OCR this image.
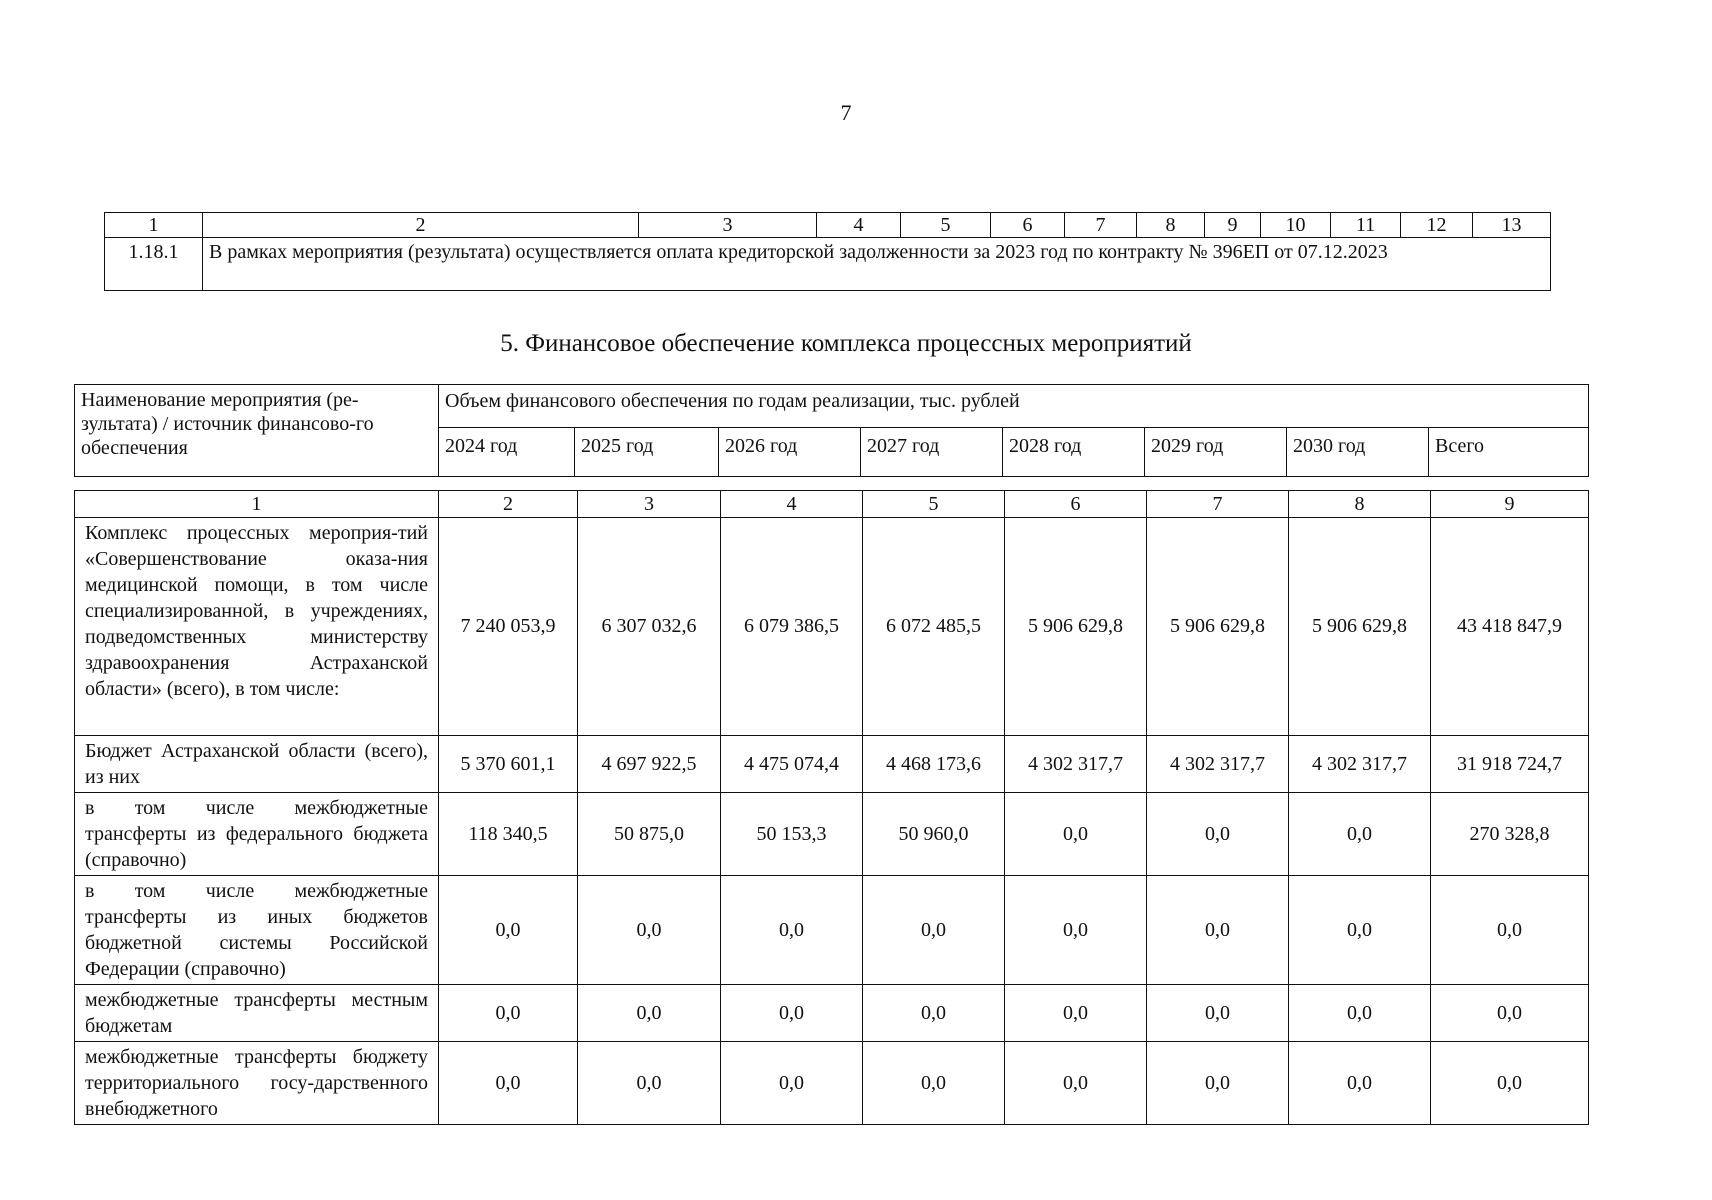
7
1	2	3	4	5	6	7	8	9	10	11	12	13
1.18.1	В рамках мероприятия (результата) осуществляется оплата кредиторской задолженности за 2023 год по контракту № 396ЕП от 07.12.2023											
5. Финансовое обеспечение комплекса процессных мероприятий
Наименование мероприятия (ре-зультата) / источник финансово-го обеспечения	Объем финансового обеспечения по годам реализации, тыс. рублей							
	2024 год	2025 год	2026 год	2027 год	2028 год	2029 год	2030 год	Всего
1	2	3	4	5	6	7	8	9
Комплекс процессных мероприя-тий «Совершенствование оказа-ния медицинской помощи, в том числе специализированной, в учреждениях, подведомственных министерству здравоохранения Астраханской области» (всего), в том числе:	7 240 053,9	6 307 032,6	6 079 386,5	6 072 485,5	5 906 629,8	5 906 629,8	5 906 629,8	43 418 847,9
Бюджет Астраханской области (всего), из них	5 370 601,1	4 697 922,5	4 475 074,4	4 468 173,6	4 302 317,7	4 302 317,7	4 302 317,7	31 918 724,7
в том числе межбюджетные трансферты из федерального бюджета (справочно)	118 340,5	50 875,0	50 153,3	50 960,0	0,0	0,0	0,0	270 328,8
в том числе межбюджетные трансферты из иных бюджетов бюджетной системы Российской Федерации (справочно)	0,0	0,0	0,0	0,0	0,0	0,0	0,0	0,0
межбюджетные трансферты местным бюджетам	0,0	0,0	0,0	0,0	0,0	0,0	0,0	0,0
межбюджетные трансферты бюджету территориального госу-дарственного внебюджетного	0,0	0,0	0,0	0,0	0,0	0,0	0,0	0,0
